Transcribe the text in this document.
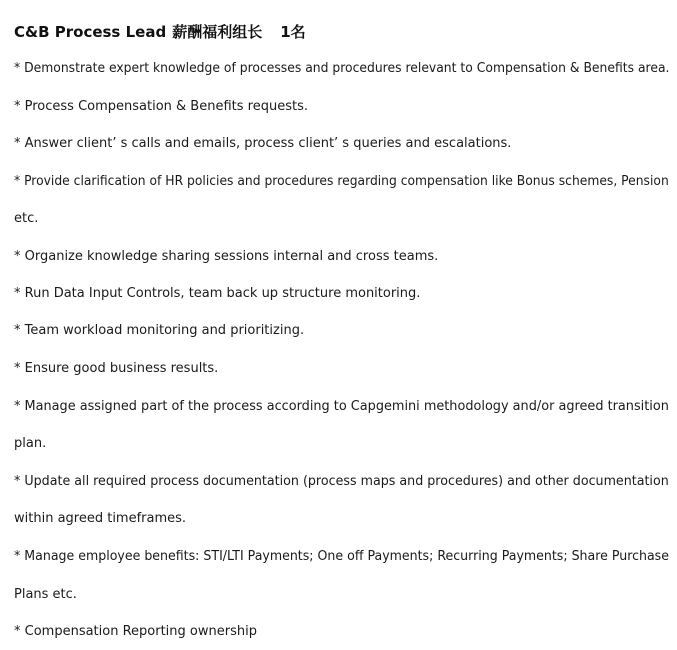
C&B Process Lead 薪酬福利组长 1名
* Demonstrate expert knowledge of processes and procedures relevant to Compensation & Benefits area.
* Process Compensation & Benefits requests.
* Answer client’ s calls and emails, process client’ s queries and escalations.
* Provide clarification of HR policies and procedures regarding compensation like Bonus schemes, Pension
etc.
* Organize knowledge sharing sessions internal and cross teams.
* Run Data Input Controls, team back up structure monitoring.
* Team workload monitoring and prioritizing.
* Ensure good business results.
* Manage assigned part of the process according to Capgemini methodology and/or agreed transition
plan.
* Update all required process documentation (process maps and procedures) and other documentation
within agreed timeframes.
* Manage employee benefits: STI/LTI Payments; One off Payments; Recurring Payments; Share Purchase
Plans etc.
* Compensation Reporting ownership
